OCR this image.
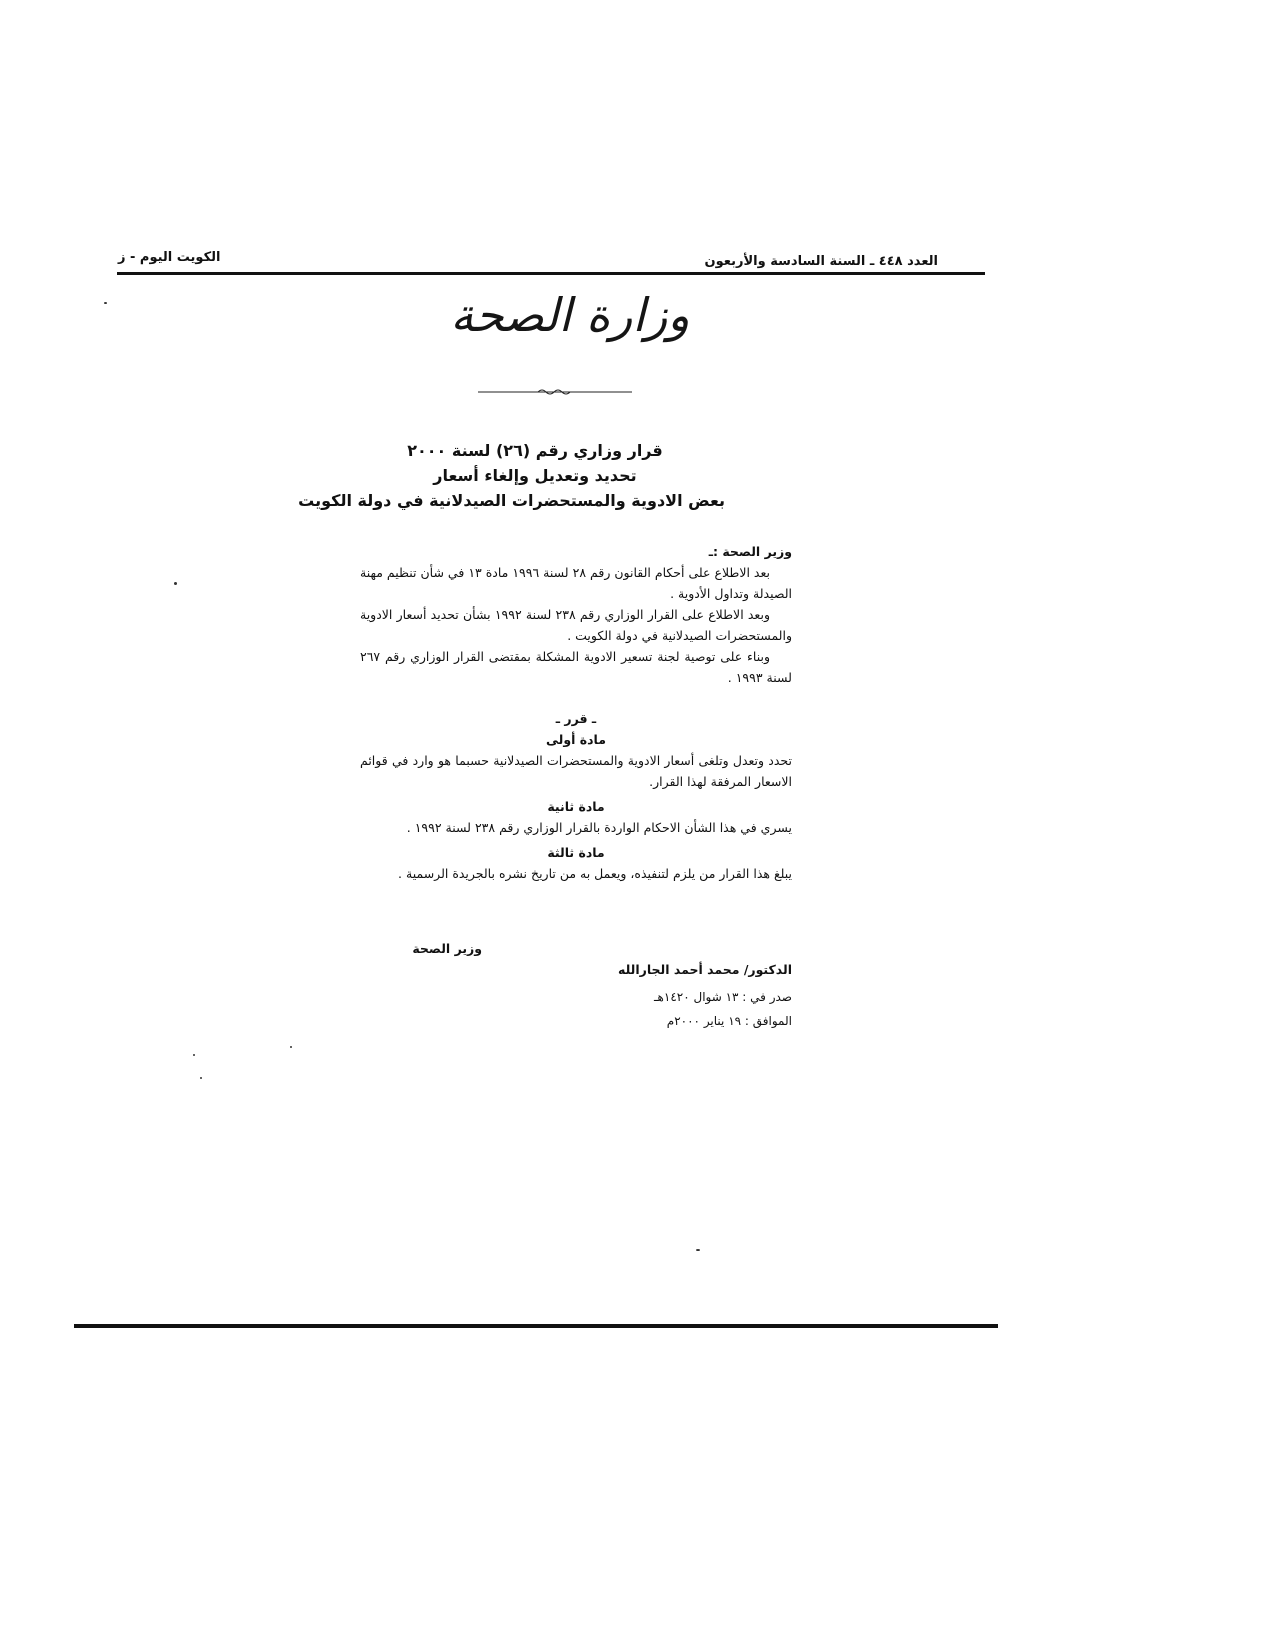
العدد ٤٤٨ ـ السنة السادسة والأربعون
الكويت اليوم - ز
وزارة الصحة
قرار وزاري رقم (٢٦) لسنة ٢٠٠٠
تحديد وتعديل وإلغاء أسعار
بعض الادوية والمستحضرات الصيدلانية في دولة الكويت

وزير الصحة :ـ

بعد الاطلاع على أحكام القانون رقم ٢٨ لسنة ١٩٩٦ مادة ١٣ في شأن تنظيم مهنة الصيدلة وتداول الأدوية .

وبعد الاطلاع على القرار الوزاري رقم ٢٣٨ لسنة ١٩٩٢ بشأن تحديد أسعار الادوية والمستحضرات الصيدلانية في دولة الكويت .

وبناء على توصية لجنة تسعير الادوية المشكلة بمقتضى القرار الوزاري رقم ٢٦٧ لسنة ١٩٩٣ .

ـ قرر ـ

مادة أولى

تحدد وتعدل وتلغى أسعار الادوية والمستحضرات الصيدلانية حسبما هو وارد في قوائم الاسعار المرفقة لهذا القرار.

مادة ثانية

يسري في هذا الشأن الاحكام الواردة بالقرار الوزاري رقم ٢٣٨ لسنة ١٩٩٢ .

مادة ثالثة

يبلغ هذا القرار من يلزم لتنفيذه، ويعمل به من تاريخ نشره بالجريدة الرسمية .

وزير الصحة
الدكتور/ محمد أحمد الجارالله
صدر في : ١٣ شوال ١٤٢٠هـ
الموافق : ١٩ يناير ٢٠٠٠م
